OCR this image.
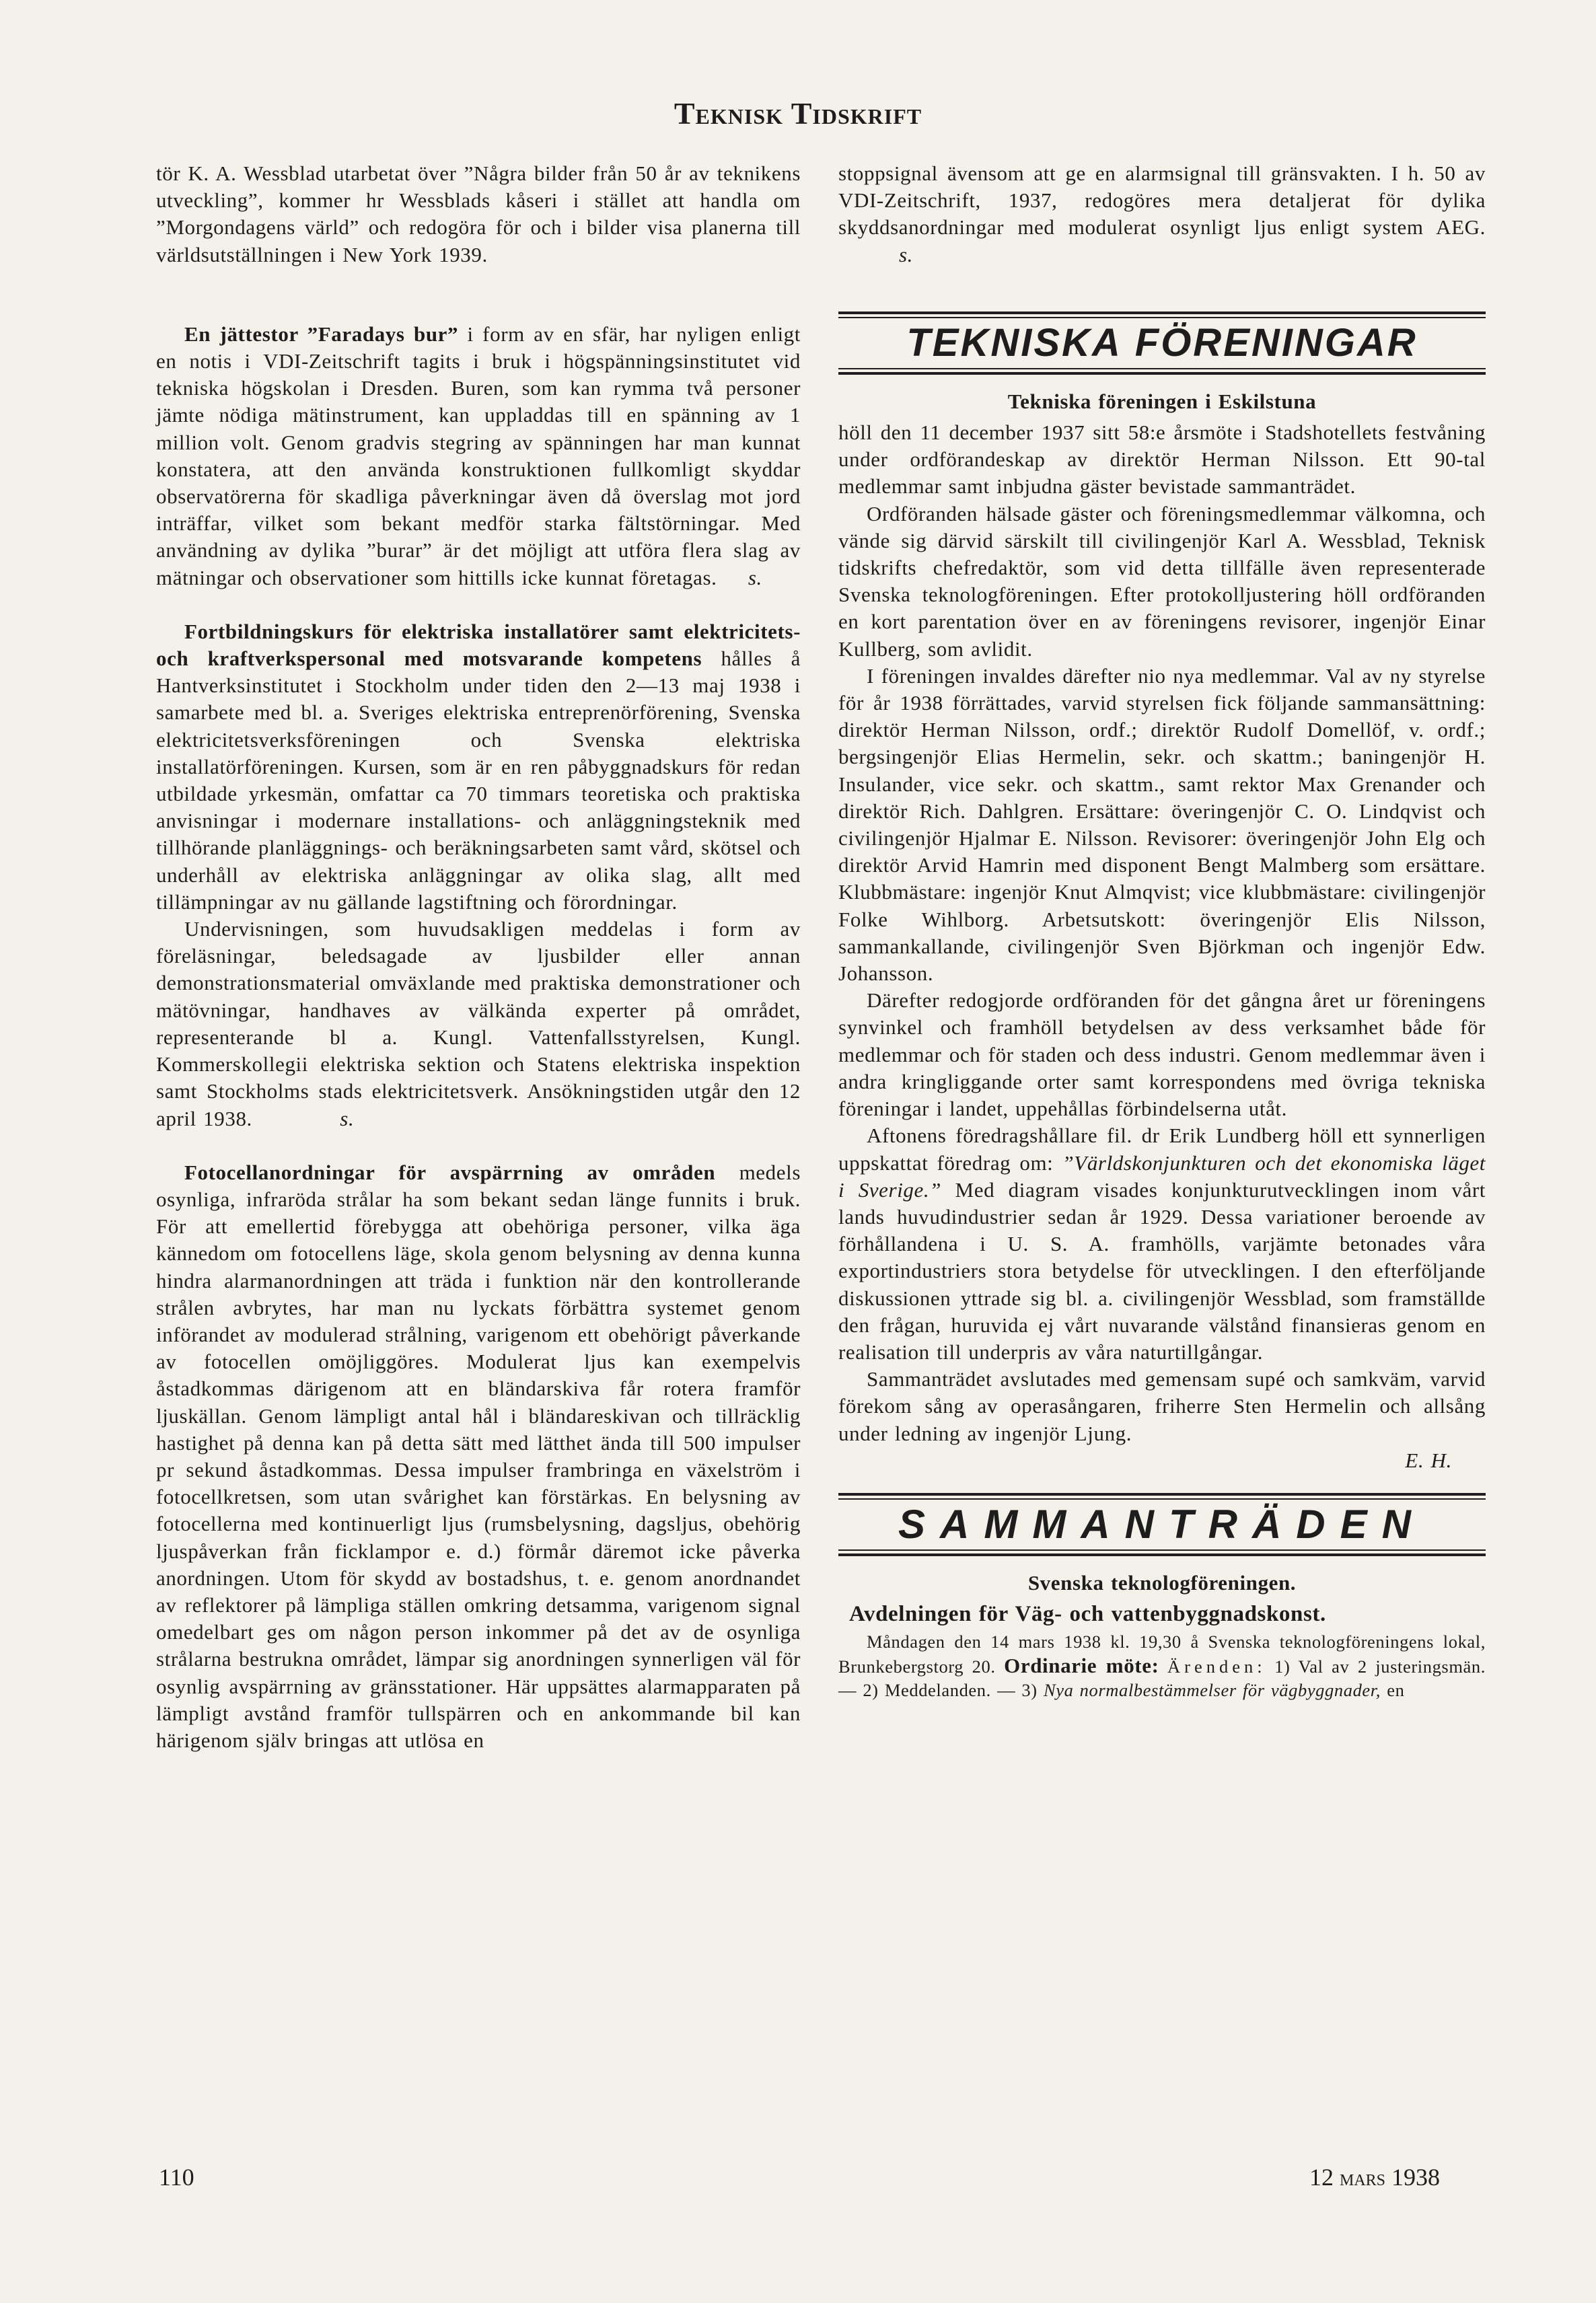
Teknisk Tidskrift

tör K. A. Wessblad utarbetat över ”Några bilder från 50 år av teknikens utveckling”, kommer hr Wessblads kåseri i stället att handla om ”Morgondagens värld” och redogöra för och i bilder visa planerna till världsutställningen i New York 1939.

En jättestor ”Faradays bur” i form av en sfär, har nyligen enligt en notis i VDI-Zeitschrift tagits i bruk i högspänningsinstitutet vid tekniska högskolan i Dresden. Buren, som kan rymma två personer jämte nödiga mätinstrument, kan uppladdas till en spänning av 1 million volt. Genom gradvis stegring av spänningen har man kunnat konstatera, att den använda konstruktionen fullkomligt skyddar observatörerna för skadliga påverkningar även då överslag mot jord inträffar, vilket som bekant medför starka fältstörningar. Med användning av dylika ”burar” är det möjligt att utföra flera slag av mätningar och observationer som hittills icke kunnat företagas. s.

Fortbildningskurs för elektriska installatörer samt elektricitets- och kraftverkspersonal med motsvarande kompetens hålles å Hantverksinstitutet i Stockholm under tiden den 2—13 maj 1938 i samarbete med bl. a. Sveriges elektriska entreprenörförening, Svenska elektricitetsverksföreningen och Svenska elektriska installatörföreningen. Kursen, som är en ren påbyggnadskurs för redan utbildade yrkesmän, omfattar ca 70 timmars teoretiska och praktiska anvisningar i modernare installations- och anläggningsteknik med tillhörande planläggnings- och beräkningsarbeten samt vård, skötsel och underhåll av elektriska anläggningar av olika slag, allt med tillämpningar av nu gällande lagstiftning och förordningar.

Undervisningen, som huvudsakligen meddelas i form av föreläsningar, beledsagade av ljusbilder eller annan demonstrationsmaterial omväxlande med praktiska demonstrationer och mätövningar, handhaves av välkända experter på området, representerande bl a. Kungl. Vattenfallsstyrelsen, Kungl. Kommerskollegii elektriska sektion och Statens elektriska inspektion samt Stockholms stads elektricitetsverk. Ansökningstiden utgår den 12 april 1938.	s.

Fotocellanordningar för avspärrning av områden medels osynliga, infraröda strålar ha som bekant sedan länge funnits i bruk. För att emellertid förebygga att obehöriga personer, vilka äga kännedom om fotocellens läge, skola genom belysning av denna kunna hindra alarmanordningen att träda i funktion när den kontrollerande strålen avbrytes, har man nu lyckats förbättra systemet genom införandet av modulerad strålning, varigenom ett obehörigt påverkande av fotocellen omöjliggöres. Modulerat ljus kan exempelvis åstadkommas därigenom att en bländarskiva får rotera framför ljuskällan. Genom lämpligt antal hål i bländareskivan och tillräcklig hastighet på denna kan på detta sätt med lätthet ända till 500 impulser pr sekund åstadkommas. Dessa impulser frambringa en växelström i fotocellkretsen, som utan svårighet kan förstärkas. En belysning av fotocellerna med kontinuerligt ljus (rumsbelysning, dagsljus, obehörig ljuspåverkan från ficklampor e. d.) förmår däremot icke påverka anordningen. Utom för skydd av bostadshus, t. e. genom anordnandet av reflektorer på lämpliga ställen omkring detsamma, varigenom signal omedelbart ges om någon person inkommer på det av de osynliga strålarna bestrukna området, lämpar sig anordningen synnerligen väl för osynlig avspärrning av gränsstationer. Här uppsättes alarmapparaten på lämpligt avstånd framför tullspärren och en ankommande bil kan härigenom själv bringas att utlösa en

stoppsignal ävensom att ge en alarmsignal till gränsvakten. I h. 50 av VDI-Zeitschrift, 1937, redogöres mera detaljerat för dylika skyddsanordningar med modulerat osynligt ljus enligt system AEG. s.

TEKNISKA FÖRENINGAR
Tekniska föreningen i Eskilstuna

höll den 11 december 1937 sitt 58:e årsmöte i Stadshotellets festvåning under ordförandeskap av direktör Herman Nilsson. Ett 90-tal medlemmar samt inbjudna gäster bevistade sammanträdet.

Ordföranden hälsade gäster och föreningsmedlemmar välkomna, och vände sig därvid särskilt till civilingenjör Karl A. Wessblad, Teknisk tidskrifts chefredaktör, som vid detta tillfälle även representerade Svenska teknologföreningen. Efter protokolljustering höll ordföranden en kort parentation över en av föreningens revisorer, ingenjör Einar Kullberg, som avlidit.

I föreningen invaldes därefter nio nya medlemmar. Val av ny styrelse för år 1938 förrättades, varvid styrelsen fick följande sammansättning: direktör Herman Nilsson, ordf.; direktör Rudolf Domellöf, v. ordf.; bergsingenjör Elias Hermelin, sekr. och skattm.; baningenjör H. Insulander, vice sekr. och skattm., samt rektor Max Grenander och direktör Rich. Dahlgren. Ersättare: överingenjör C. O. Lindqvist och civilingenjör Hjalmar E. Nilsson. Revisorer: överingenjör John Elg och direktör Arvid Hamrin med disponent Bengt Malmberg som ersättare. Klubbmästare: ingenjör Knut Almqvist; vice klubbmästare: civilingenjör Folke Wihlborg. Arbetsutskott: överingenjör Elis Nilsson, sammankallande, civilingenjör Sven Björkman och ingenjör Edw. Johansson.

Därefter redogjorde ordföranden för det gångna året ur föreningens synvinkel och framhöll betydelsen av dess verksamhet både för medlemmar och för staden och dess industri. Genom medlemmar även i andra kringliggande orter samt korrespondens med övriga tekniska föreningar i landet, uppehållas förbindelserna utåt.

Aftonens föredragshållare fil. dr Erik Lundberg höll ett synnerligen uppskattat föredrag om: ”Världskonjunkturen och det ekonomiska läget i Sverige.” Med diagram visades konjunkturutvecklingen inom vårt lands huvudindustrier sedan år 1929. Dessa variationer beroende av förhållandena i U. S. A. framhölls, varjämte betonades våra exportindustriers stora betydelse för utvecklingen. I den efterföljande diskussionen yttrade sig bl. a. civilingenjör Wessblad, som framställde den frågan, huruvida ej vårt nuvarande välstånd finansieras genom en realisation till underpris av våra naturtillgångar.

Sammanträdet avslutades med gemensam supé och samkväm, varvid förekom sång av operasångaren, friherre Sten Hermelin och allsång under ledning av ingenjör Ljung.

E. H.
SAMMANTRÄDEN
Svenska teknologföreningen.
Avdelningen för Väg- och vattenbyggnadskonst.

Måndagen den 14 mars 1938 kl. 19,30 å Svenska teknologföreningens lokal, Brunkebergstorg 20. Ordinarie möte: Ärenden: 1) Val av 2 justeringsmän. — 2) Meddelanden. — 3) Nya normalbestämmelser för vägbyggnader, en

110	12 mars 1938
